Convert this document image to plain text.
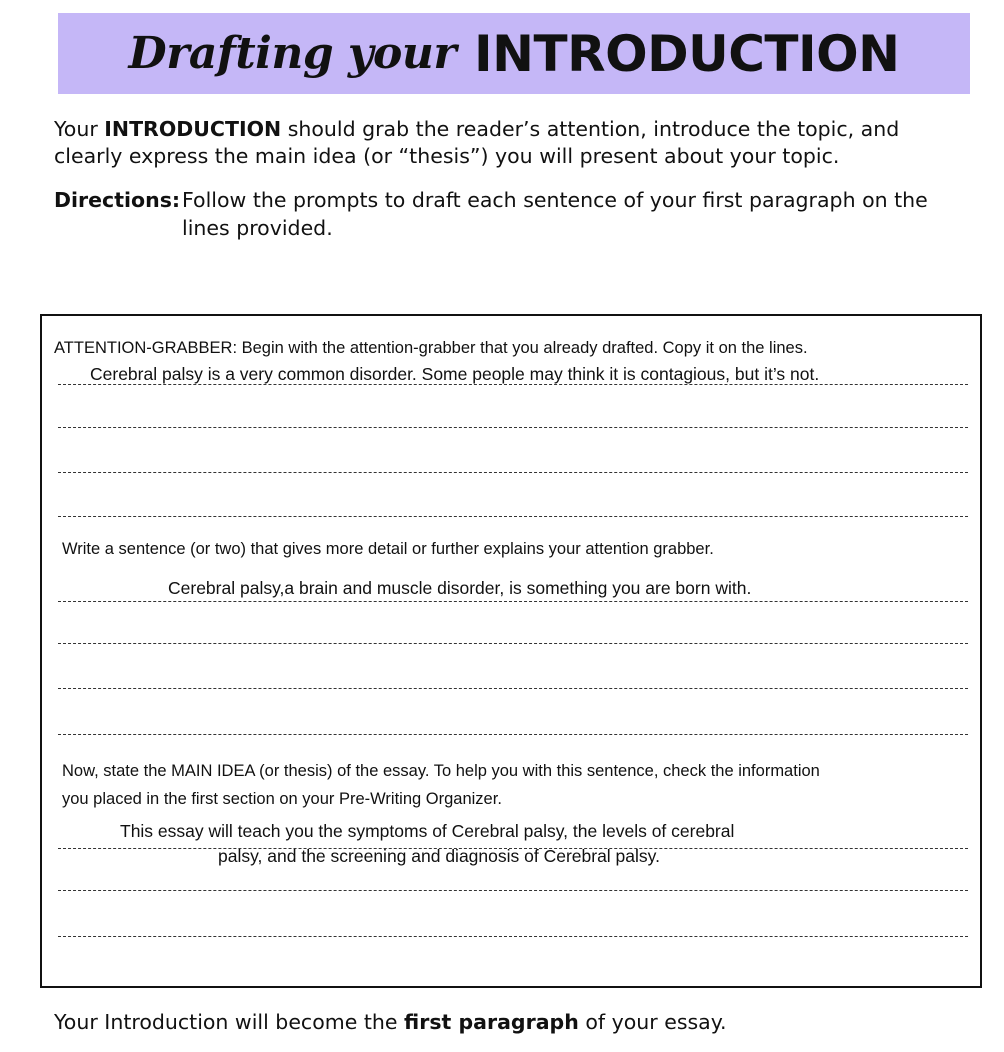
Drafting your INTRODUCTION
Your INTRODUCTION should grab the reader’s attention, introduce the topic, and clearly express the main idea (or “thesis”) you will present about your topic.
Directions: Follow the prompts to draft each sentence of your first paragraph on the lines provided.
ATTENTION-GRABBER: Begin with the attention-grabber that you already drafted. Copy it on the lines.
Cerebral palsy is a very common disorder. Some people may think it is contagious, but it’s not.
Write a sentence (or two) that gives more detail or further explains your attention grabber.
Cerebral palsy,a brain and muscle disorder, is something you are born with.
Now, state the MAIN IDEA (or thesis) of the essay. To help you with this sentence, check the information
you placed in the first section on your Pre-Writing Organizer.
This essay will teach you the symptoms of Cerebral palsy, the levels of cerebral
palsy, and the screening and diagnosis of Cerebral palsy.
Your Introduction will become the first paragraph of your essay.
